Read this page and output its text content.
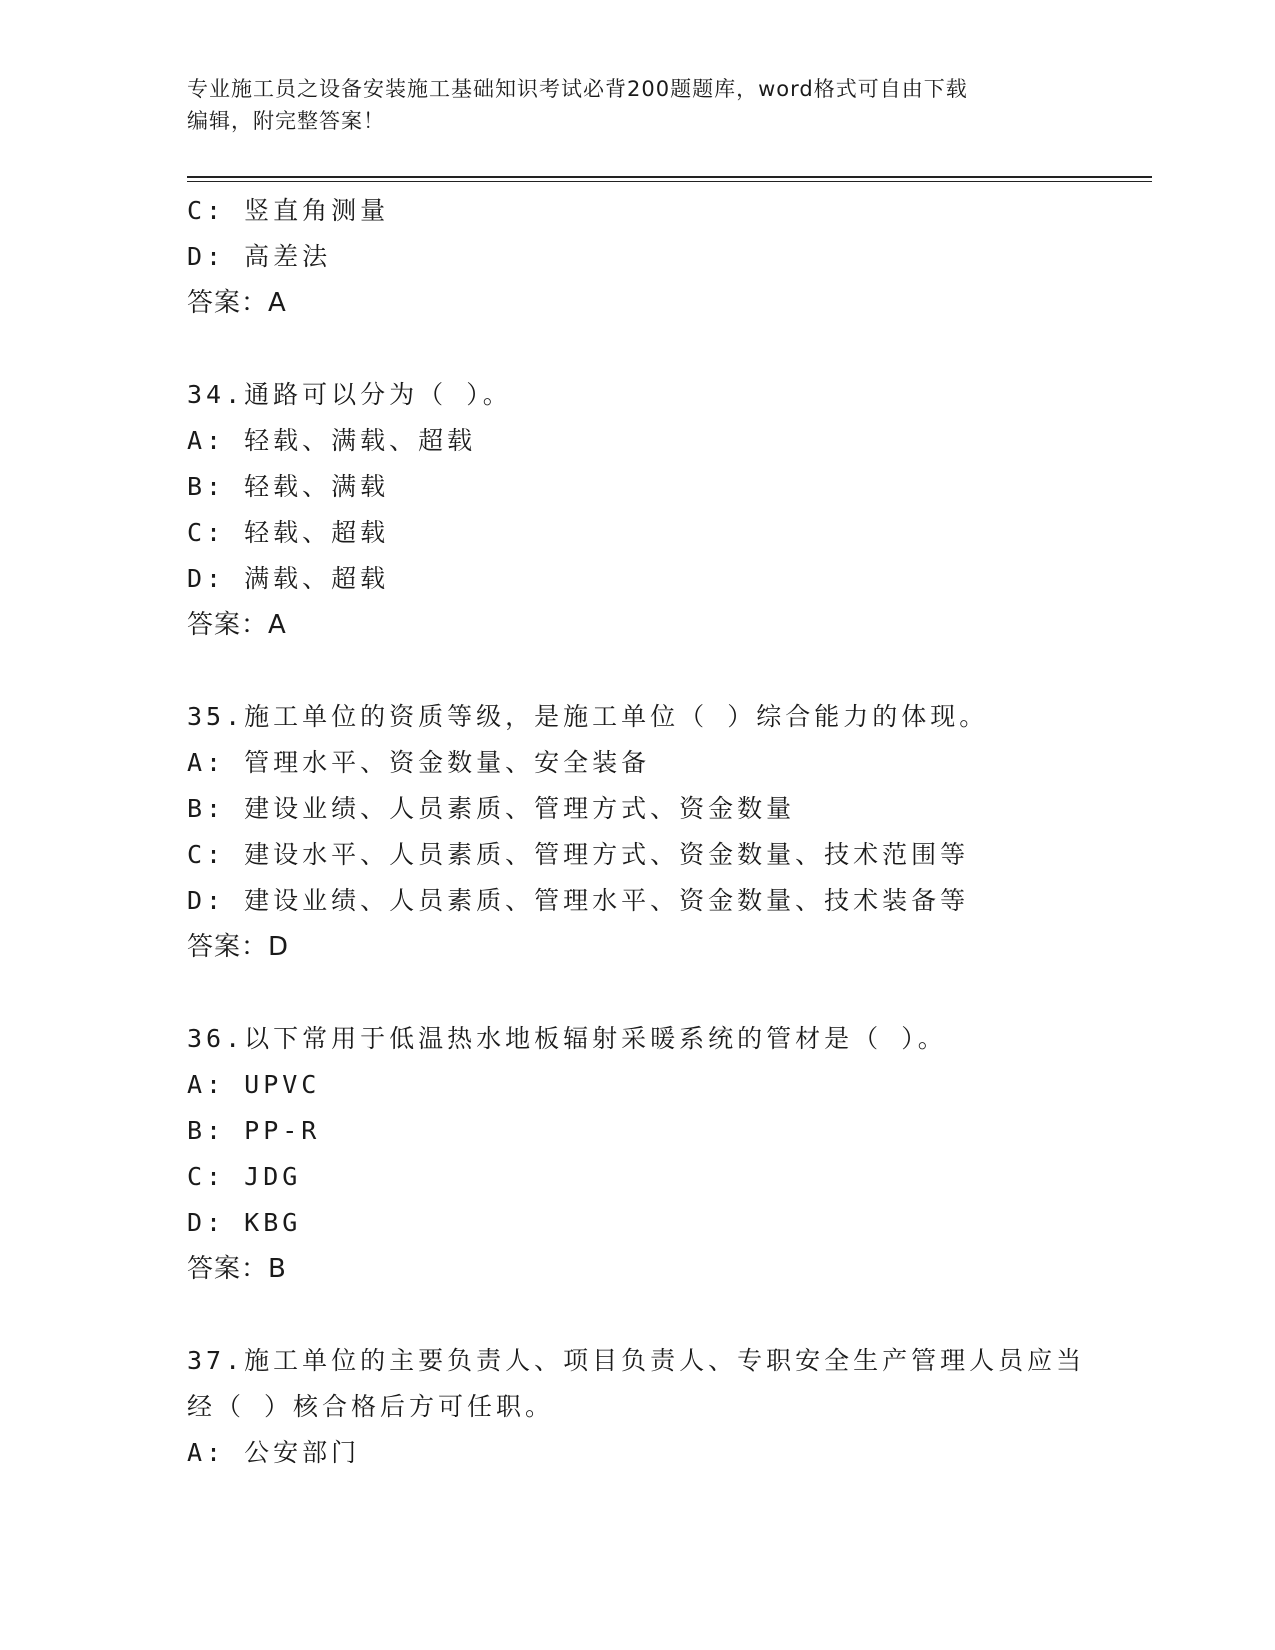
专业施工员之设备安装施工基础知识考试必背200题题库，word格式可自由下载
编辑，附完整答案！
C: 竖直角测量
D: 高差法
答案：A
34.通路可以分为（ ）。
A: 轻载、满载、超载
B: 轻载、满载
C: 轻载、超载
D: 满载、超载
答案：A
35.施工单位的资质等级，是施工单位（ ）综合能力的体现。
A: 管理水平、资金数量、安全装备
B: 建设业绩、人员素质、管理方式、资金数量
C: 建设水平、人员素质、管理方式、资金数量、技术范围等
D: 建设业绩、人员素质、管理水平、资金数量、技术装备等
答案：D
36.以下常用于低温热水地板辐射采暖系统的管材是（ ）。
A: UPVC
B: PP-R
C: JDG
D: KBG
答案：B
37.施工单位的主要负责人、项目负责人、专职安全生产管理人员应当
经（ ）核合格后方可任职。
A: 公安部门
